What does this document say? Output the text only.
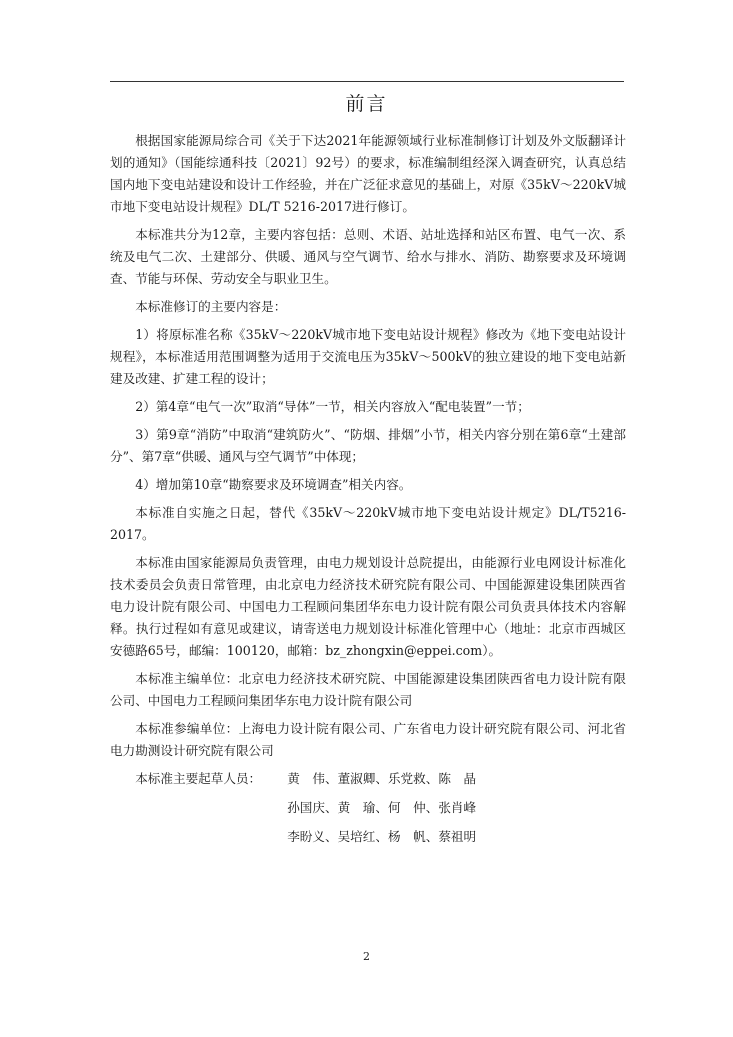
前言

根据国家能源局综合司《关于下达2021年能源领域行业标准制修订计划及外文版翻译计划的通知》（国能综通科技〔2021〕92号）的要求，标准编制组经深入调查研究，认真总结国内地下变电站建设和设计工作经验，并在广泛征求意见的基础上，对原《35kV～220kV城市地下变电站设计规程》DL/T 5216-2017进行修订。

本标准共分为12章，主要内容包括：总则、术语、站址选择和站区布置、电气一次、系统及电气二次、土建部分、供暖、通风与空气调节、给水与排水、消防、勘察要求及环境调查、节能与环保、劳动安全与职业卫生。

本标准修订的主要内容是：

1）将原标准名称《35kV～220kV城市地下变电站设计规程》修改为《地下变电站设计规程》，本标准适用范围调整为适用于交流电压为35kV～500kV的独立建设的地下变电站新建及改建、扩建工程的设计；

2）第4章“电气一次”取消“导体”一节，相关内容放入“配电装置”一节；

3）第9章“消防”中取消“建筑防火”、“防烟、排烟”小节，相关内容分别在第6章“土建部分”、第7章“供暖、通风与空气调节”中体现；

4）增加第10章“勘察要求及环境调查”相关内容。

本标准自实施之日起，替代《35kV～220kV城市地下变电站设计规定》DL/T5216-2017。

本标准由国家能源局负责管理，由电力规划设计总院提出，由能源行业电网设计标准化技术委员会负责日常管理，由北京电力经济技术研究院有限公司、中国能源建设集团陕西省电力设计院有限公司、中国电力工程顾问集团华东电力设计院有限公司负责具体技术内容解释。执行过程如有意见或建议，请寄送电力规划设计标准化管理中心（地址：北京市西城区安德路65号，邮编：100120，邮箱：bz_zhongxin@eppei.com）。

本标准主编单位：北京电力经济技术研究院、中国能源建设集团陕西省电力设计院有限公司、中国电力工程顾问集团华东电力设计院有限公司

本标准参编单位：上海电力设计院有限公司、广东省电力设计研究院有限公司、河北省电力勘测设计研究院有限公司

本标准主要起草人员：	黄　伟、董淑卿、乐党救、陈　晶
孙国庆、黄　瑜、何　仲、张肖峰
李盼义、吴培红、杨　帆、蔡祖明
2
